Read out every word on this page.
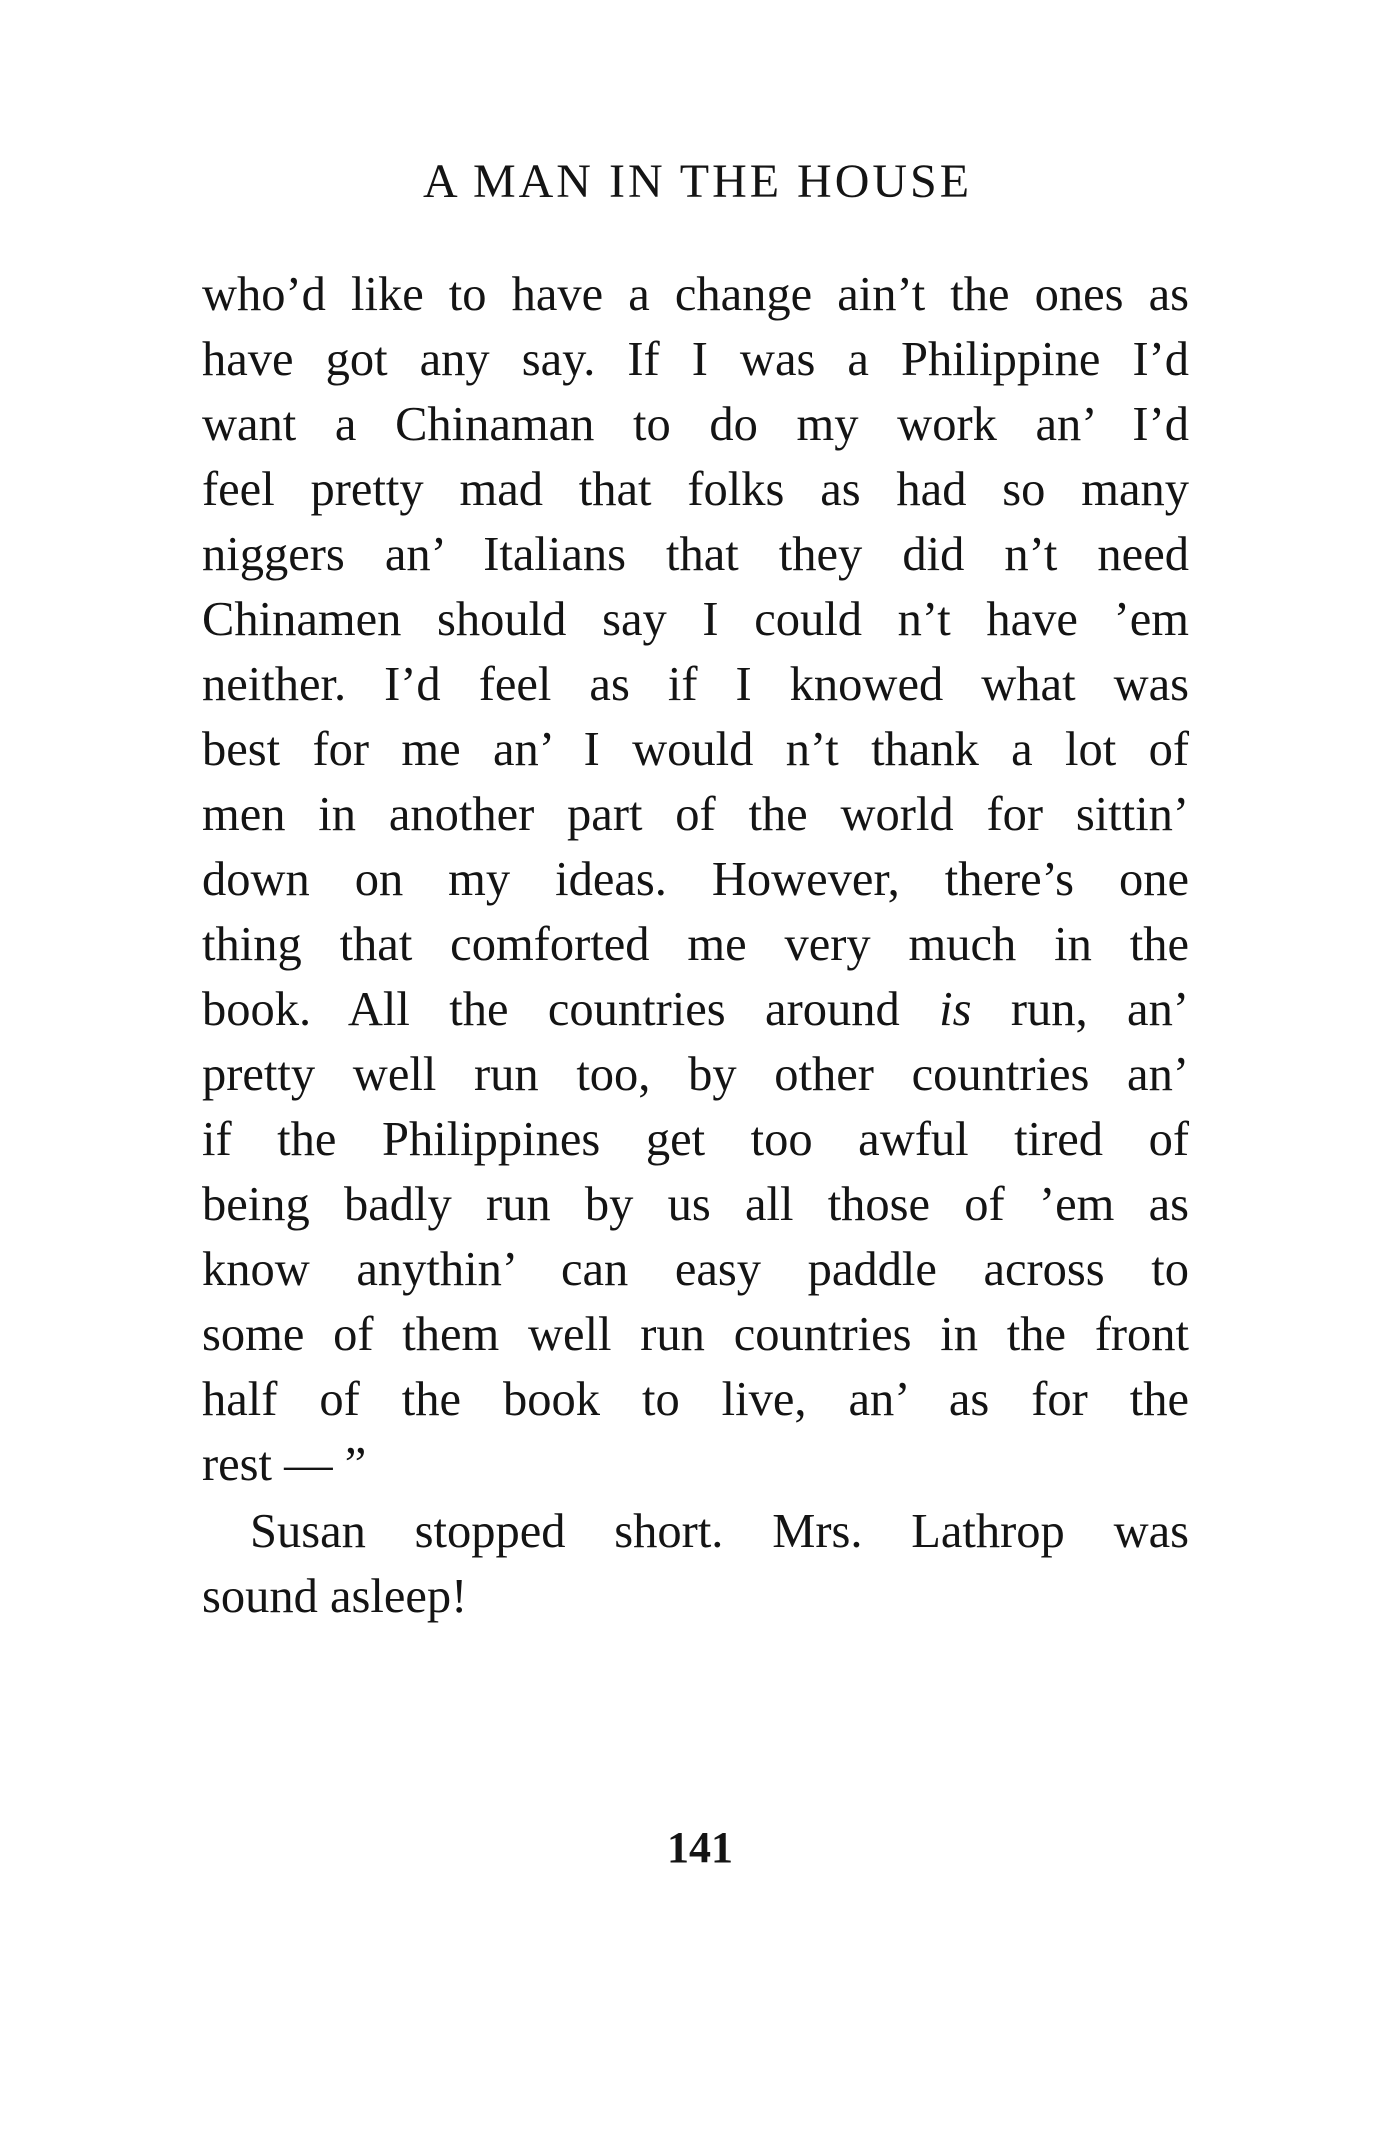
A MAN IN THE HOUSE
who’d like to have a change ain’t the ones as
have got any say. If I was a Philippine I’d
want a Chinaman to do my work an’ I’d
feel pretty mad that folks as had so many
niggers an’ Italians that they did n’t need
Chinamen should say I could n’t have ’em
neither. I’d feel as if I knowed what was
best for me an’ I would n’t thank a lot of
men in another part of the world for sittin’
down on my ideas. However, there’s one
thing that comforted me very much in the
book. All the countries around is run, an’
pretty well run too, by other countries an’
if the Philippines get too awful tired of
being badly run by us all those of ’em as
know anythin’ can easy paddle across to
some of them well run countries in the front
half of the book to live, an’ as for the
rest — ”
Susan stopped short. Mrs. Lathrop was
sound asleep!
141
